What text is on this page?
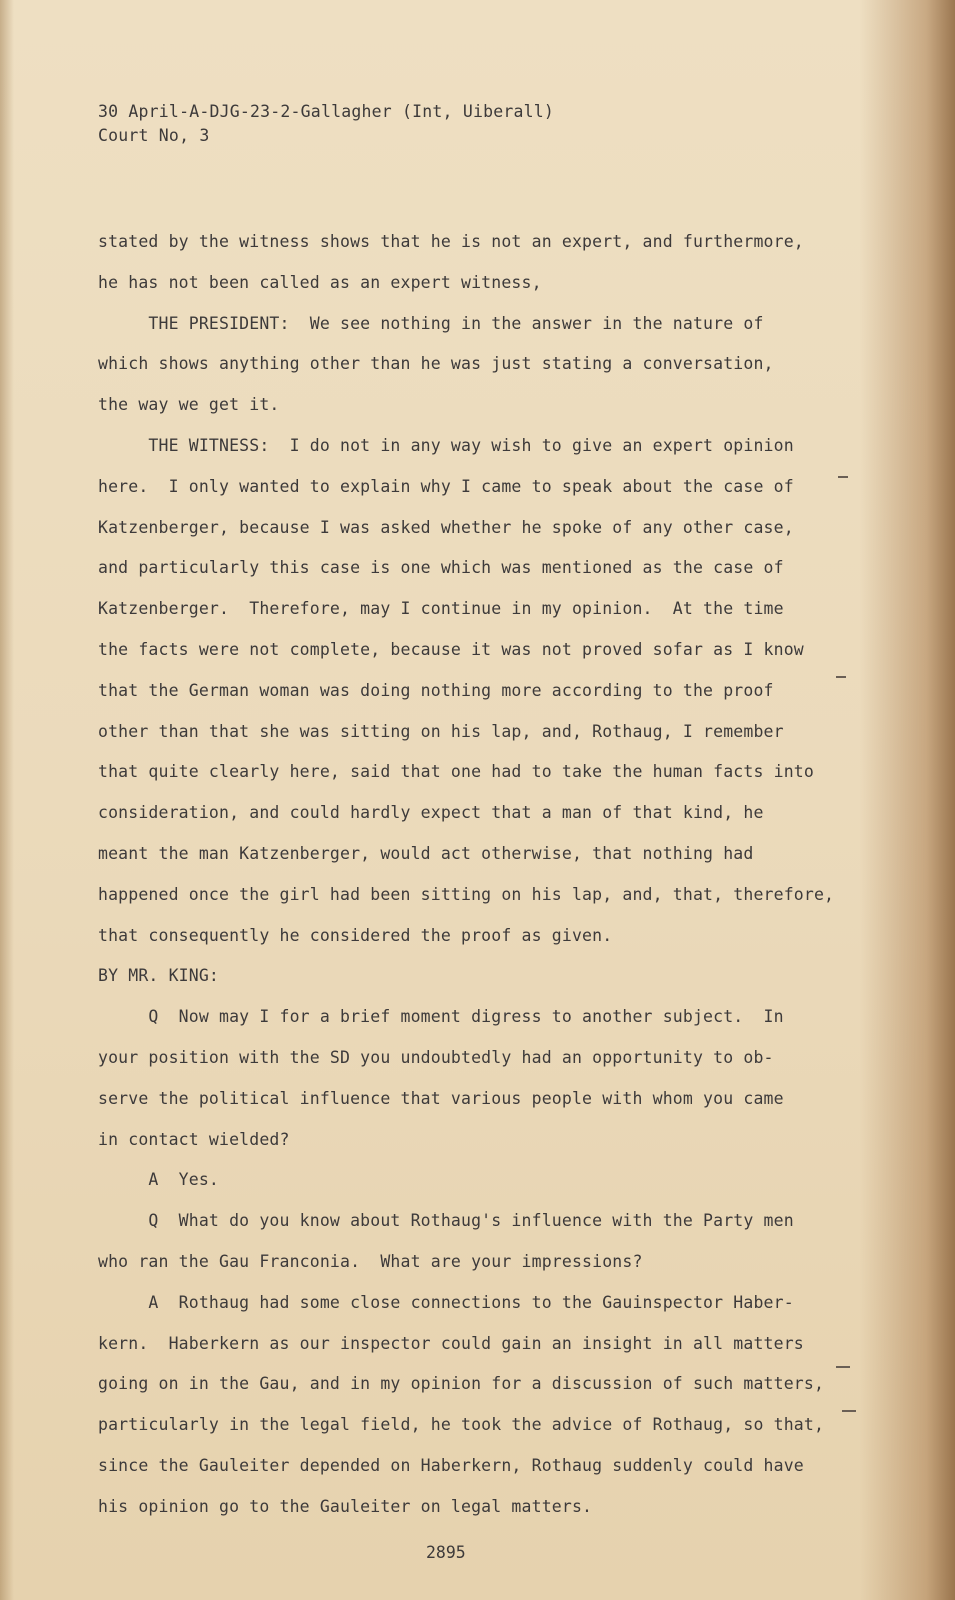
30 April-A-DJG-23-2-Gallagher (Int, Uiberall)
Court No, 3
2895
stated by the witness shows that he is not an expert, and furthermore,
he has not been called as an expert witness,
THE PRESIDENT:  We see nothing in the answer in the nature of
which shows anything other than he was just stating a conversation,
the way we get it.
THE WITNESS:  I do not in any way wish to give an expert opinion
here.  I only wanted to explain why I came to speak about the case of
Katzenberger, because I was asked whether he spoke of any other case,
and particularly this case is one which was mentioned as the case of
Katzenberger.  Therefore, may I continue in my opinion.  At the time
the facts were not complete, because it was not proved sofar as I know
that the German woman was doing nothing more according to the proof
other than that she was sitting on his lap, and, Rothaug, I remember
that quite clearly here, said that one had to take the human facts into
consideration, and could hardly expect that a man of that kind, he
meant the man Katzenberger, would act otherwise, that nothing had
happened once the girl had been sitting on his lap, and, that, therefore,
that consequently he considered the proof as given.
BY MR. KING:
Q  Now may I for a brief moment digress to another subject.  In
your position with the SD you undoubtedly had an opportunity to ob-
serve the political influence that various people with whom you came
in contact wielded?
A  Yes.
Q  What do you know about Rothaug's influence with the Party men
who ran the Gau Franconia.  What are your impressions?
A  Rothaug had some close connections to the Gauinspector Haber-
kern.  Haberkern as our inspector could gain an insight in all matters
going on in the Gau, and in my opinion for a discussion of such matters,
particularly in the legal field, he took the advice of Rothaug, so that,
since the Gauleiter depended on Haberkern, Rothaug suddenly could have
his opinion go to the Gauleiter on legal matters.
